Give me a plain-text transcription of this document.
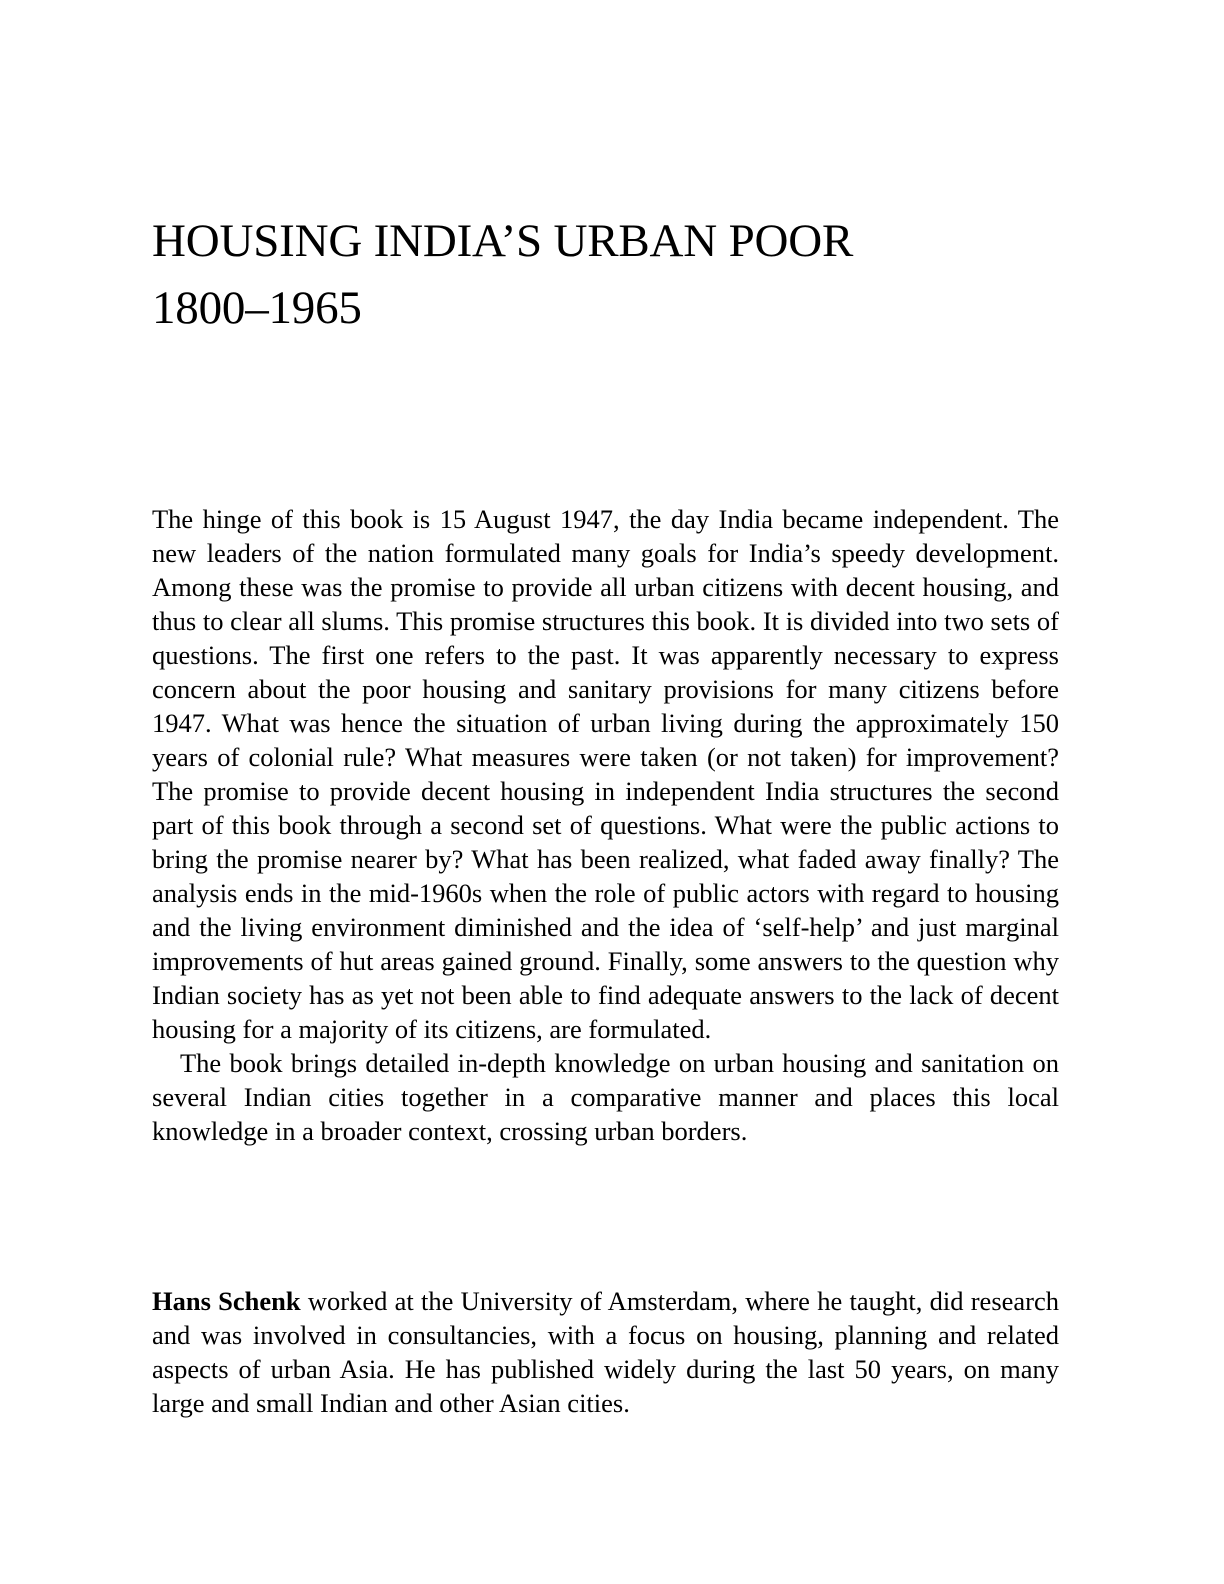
HOUSING INDIA’S URBAN POOR
1800–1965

The hinge of this book is 15 August 1947, the day India became independent. The new leaders of the nation formulated many goals for India’s speedy development. Among these was the promise to provide all urban citizens with decent housing, and thus to clear all slums. This promise structures this book. It is divided into two sets of questions. The first one refers to the past. It was apparently necessary to express concern about the poor housing and sanitary provisions for many citizens before 1947. What was hence the situation of urban living during the approximately 150 years of colonial rule? What measures were taken (or not taken) for improvement? The promise to provide decent housing in independent India structures the second part of this book through a second set of questions. What were the public actions to bring the promise nearer by? What has been realized, what faded away finally? The analysis ends in the mid-1960s when the role of public actors with regard to housing and the living environment diminished and the idea of ‘self-help’ and just marginal improvements of hut areas gained ground. Finally, some answers to the question why Indian society has as yet not been able to find adequate answers to the lack of decent housing for a majority of its citizens, are formulated.

The book brings detailed in-depth knowledge on urban housing and sanitation on several Indian cities together in a comparative manner and places this local knowledge in a broader context, crossing urban borders.

Hans Schenk worked at the University of Amsterdam, where he taught, did research and was involved in consultancies, with a focus on housing, planning and related aspects of urban Asia. He has published widely during the last 50 years, on many large and small Indian and other Asian cities.
